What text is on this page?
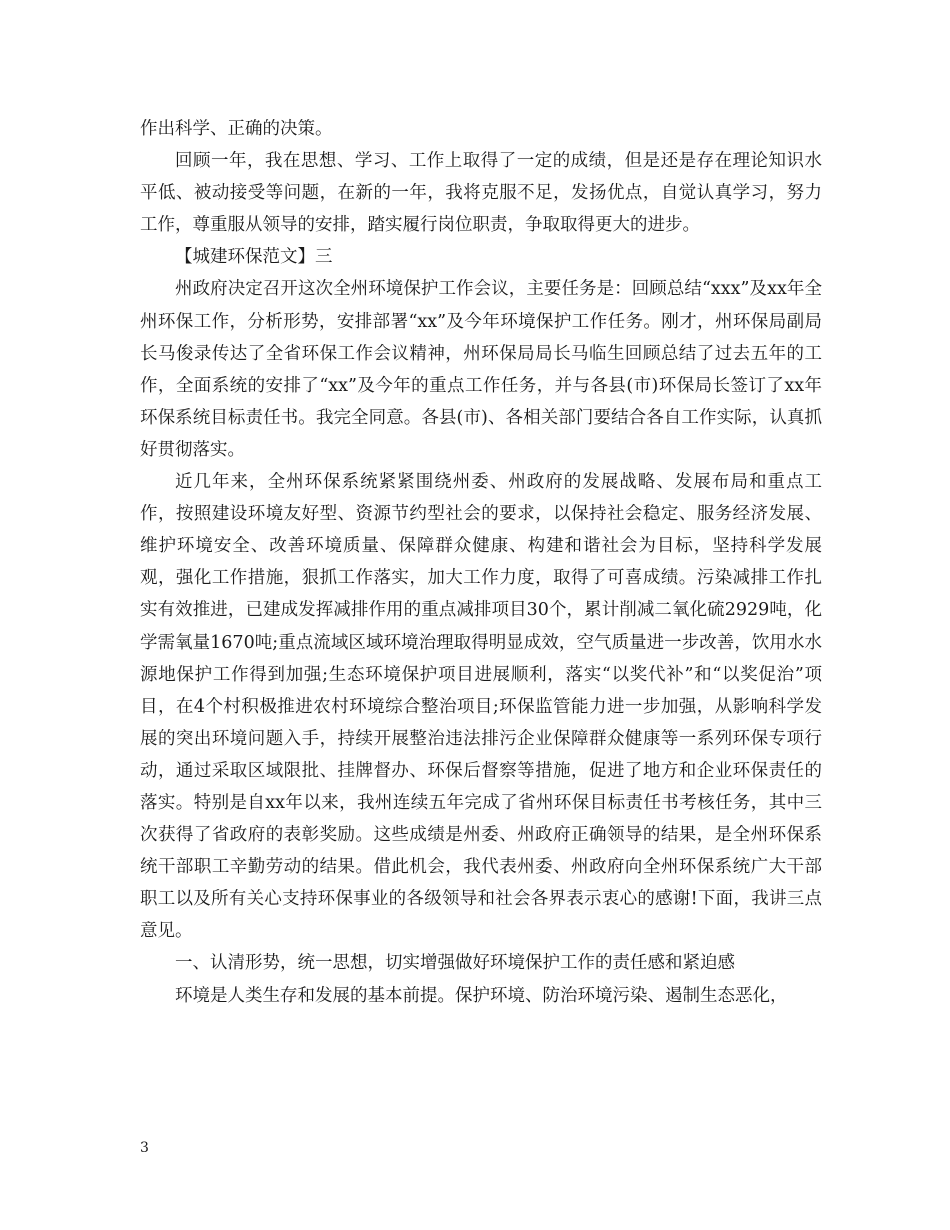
作出科学、正确的决策。

回顾一年，我在思想、学习、工作上取得了一定的成绩，但是还是存在理论知识水平低、被动接受等问题，在新的一年，我将克服不足，发扬优点，自觉认真学习，努力工作，尊重服从领导的安排，踏实履行岗位职责，争取取得更大的进步。

【城建环保范文】三

州政府决定召开这次全州环境保护工作会议，主要任务是：回顾总结“xxx”及xx年全州环保工作，分析形势，安排部署“xx”及今年环境保护工作任务。刚才，州环保局副局长马俊录传达了全省环保工作会议精神，州环保局局长马临生回顾总结了过去五年的工作，全面系统的安排了“xx”及今年的重点工作任务，并与各县(市)环保局长签订了xx年环保系统目标责任书。我完全同意。各县(市)、各相关部门要结合各自工作实际，认真抓好贯彻落实。

近几年来，全州环保系统紧紧围绕州委、州政府的发展战略、发展布局和重点工作，按照建设环境友好型、资源节约型社会的要求，以保持社会稳定、服务经济发展、维护环境安全、改善环境质量、保障群众健康、构建和谐社会为目标，坚持科学发展观，强化工作措施，狠抓工作落实，加大工作力度，取得了可喜成绩。污染减排工作扎实有效推进，已建成发挥减排作用的重点减排项目30个，累计削减二氧化硫2929吨，化学需氧量1670吨;重点流域区域环境治理取得明显成效，空气质量进一步改善，饮用水水源地保护工作得到加强;生态环境保护项目进展顺利，落实“以奖代补”和“以奖促治”项目，在4个村积极推进农村环境综合整治项目;环保监管能力进一步加强，从影响科学发展的突出环境问题入手，持续开展整治违法排污企业保障群众健康等一系列环保专项行动，通过采取区域限批、挂牌督办、环保后督察等措施，促进了地方和企业环保责任的落实。特别是自xx年以来，我州连续五年完成了省州环保目标责任书考核任务，其中三次获得了省政府的表彰奖励。这些成绩是州委、州政府正确领导的结果，是全州环保系统干部职工辛勤劳动的结果。借此机会，我代表州委、州政府向全州环保系统广大干部职工以及所有关心支持环保事业的各级领导和社会各界表示衷心的感谢!下面，我讲三点意见。

一、认清形势，统一思想，切实增强做好环境保护工作的责任感和紧迫感

环境是人类生存和发展的基本前提。保护环境、防治环境污染、遏制生态恶化，

3
